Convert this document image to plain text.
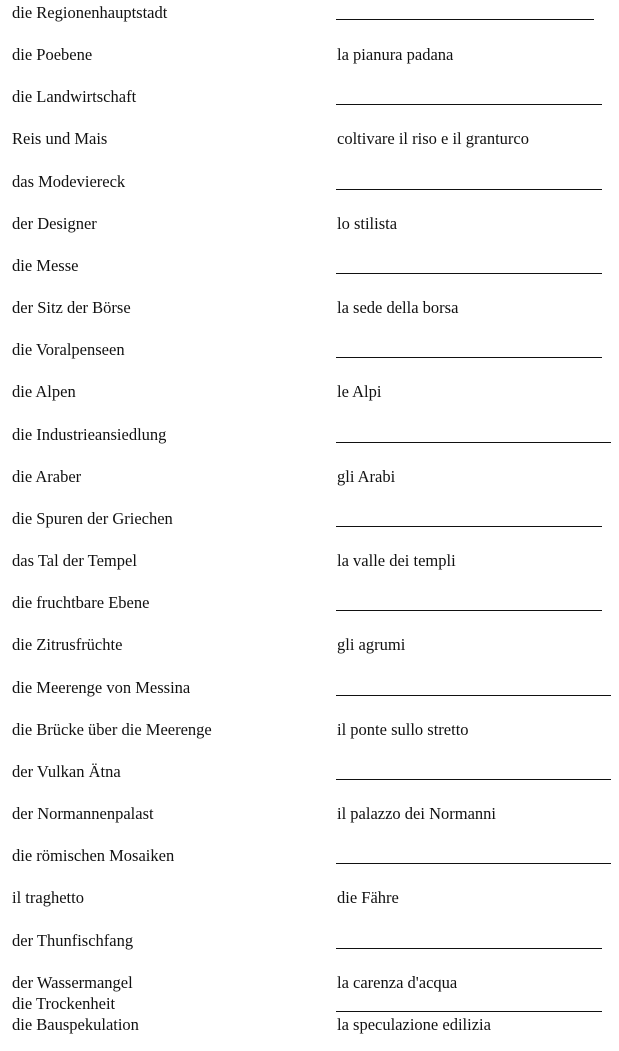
die Regionenhauptstadt
die Poebene
die Landwirtschaft
Reis und Mais
das Modeviereck
der Designer
die Messe
der Sitz der Börse
die Voralpenseen
die Alpen
die Industrieansiedlung
die Araber
die Spuren der Griechen
das Tal der Tempel
die fruchtbare Ebene
die Zitrusfrüchte
die Meerenge von Messina
die Brücke über die Meerenge
der Vulkan Ätna
der Normannenpalast
die römischen Mosaiken
il traghetto
der Thunfischfang
der Wassermangel
die Trockenheit
die Bauspekulation
la pianura padana
coltivare il riso e il granturco
lo stilista
la sede della borsa
le Alpi
gli Arabi
la valle dei templi
gli agrumi
il ponte sullo stretto
il palazzo dei Normanni
die Fähre
la carenza d'acqua
la speculazione edilizia
